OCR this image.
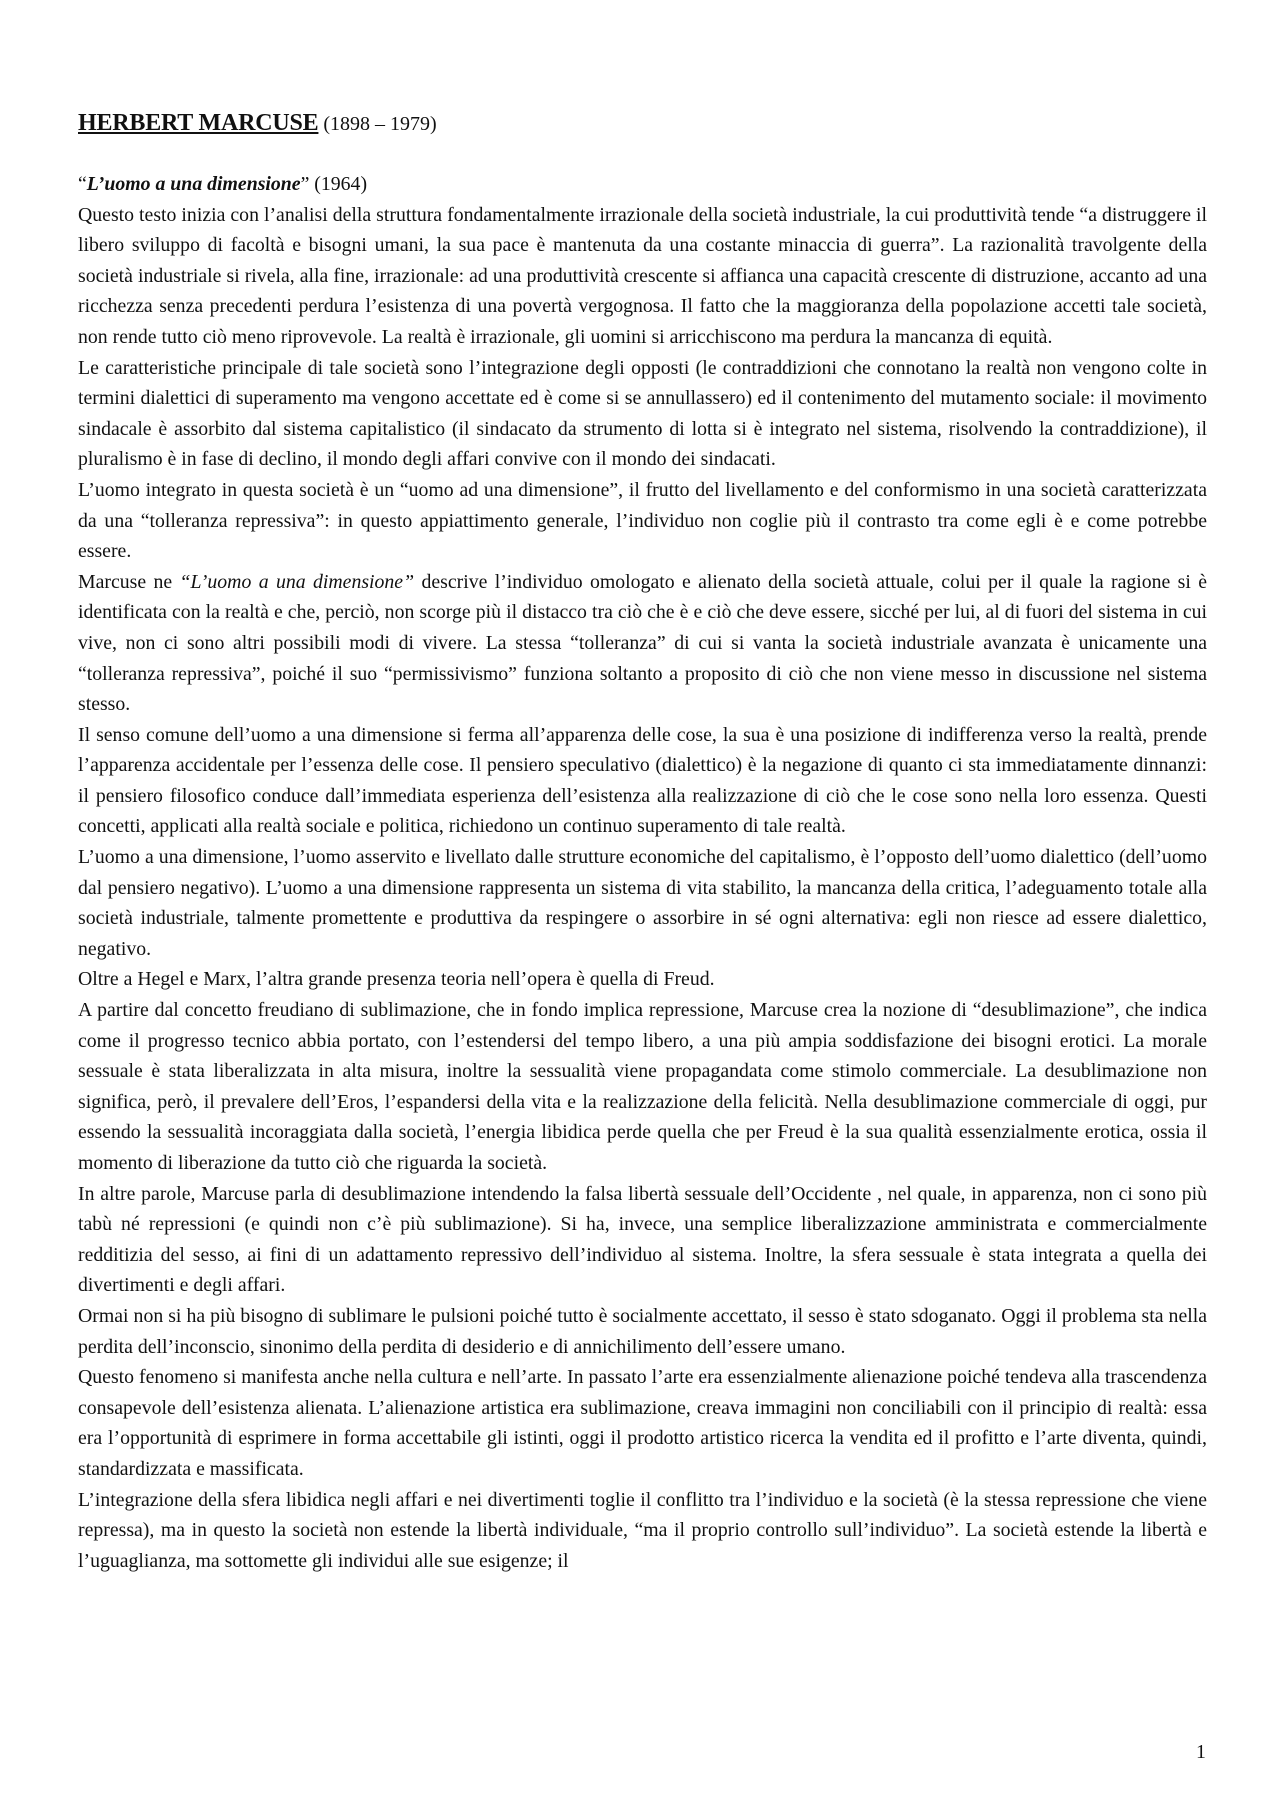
HERBERT MARCUSE (1898 – 1979)
“L’uomo a una dimensione” (1964)

Questo testo inizia con l’analisi della struttura fondamentalmente irrazionale della società industriale, la cui produttività tende “a distruggere il libero sviluppo di facoltà e bisogni umani, la sua pace è mantenuta da una costante minaccia di guerra”. La razionalità travolgente della società industriale si rivela, alla fine, irrazionale: ad una produttività crescente si affianca una capacità crescente di distruzione, accanto ad una ricchezza senza precedenti perdura l’esistenza di una povertà vergognosa. Il fatto che la maggioranza della popolazione accetti tale società, non rende tutto ciò meno riprovevole. La realtà è irrazionale, gli uomini si arricchiscono ma perdura la mancanza di equità.

Le caratteristiche principale di tale società sono l’integrazione degli opposti (le contraddizioni che connotano la realtà non vengono colte in termini dialettici di superamento ma vengono accettate ed è come si se annullassero) ed il contenimento del mutamento sociale: il movimento sindacale è assorbito dal sistema capitalistico (il sindacato da strumento di lotta si è integrato nel sistema, risolvendo la contraddizione), il pluralismo è in fase di declino, il mondo degli affari convive con il mondo dei sindacati.

L’uomo integrato in questa società è un “uomo ad una dimensione”, il frutto del livellamento e del conformismo in una società caratterizzata da una “tolleranza repressiva”: in questo appiattimento generale, l’individuo non coglie più il contrasto tra come egli è e come potrebbe essere.

Marcuse ne “L’uomo a una dimensione” descrive l’individuo omologato e alienato della società attuale, colui per il quale la ragione si è identificata con la realtà e che, perciò, non scorge più il distacco tra ciò che è e ciò che deve essere, sicché per lui, al di fuori del sistema in cui vive, non ci sono altri possibili modi di vivere. La stessa “tolleranza” di cui si vanta la società industriale avanzata è unicamente una “tolleranza repressiva”, poiché il suo “permissivismo” funziona soltanto a proposito di ciò che non viene messo in discussione nel sistema stesso.

Il senso comune dell’uomo a una dimensione si ferma all’apparenza delle cose, la sua è una posizione di indifferenza verso la realtà, prende l’apparenza accidentale per l’essenza delle cose. Il pensiero speculativo (dialettico) è la negazione di quanto ci sta immediatamente dinnanzi: il pensiero filosofico conduce dall’immediata esperienza dell’esistenza alla realizzazione di ciò che le cose sono nella loro essenza. Questi concetti, applicati alla realtà sociale e politica, richiedono un continuo superamento di tale realtà.

L’uomo a una dimensione, l’uomo asservito e livellato dalle strutture economiche del capitalismo, è l’opposto dell’uomo dialettico (dell’uomo dal pensiero negativo). L’uomo a una dimensione rappresenta un sistema di vita stabilito, la mancanza della critica, l’adeguamento totale alla società industriale, talmente promettente e produttiva da respingere o assorbire in sé ogni alternativa: egli non riesce ad essere dialettico, negativo.

Oltre a Hegel e Marx, l’altra grande presenza teoria nell’opera è quella di Freud.

A partire dal concetto freudiano di sublimazione, che in fondo implica repressione, Marcuse crea la nozione di “desublimazione”, che indica come il progresso tecnico abbia portato, con l’estendersi del tempo libero, a una più ampia soddisfazione dei bisogni erotici. La morale sessuale è stata liberalizzata in alta misura, inoltre la sessualità viene propagandata come stimolo commerciale. La desublimazione non significa, però, il prevalere dell’Eros, l’espandersi della vita e la realizzazione della felicità. Nella desublimazione commerciale di oggi, pur essendo la sessualità incoraggiata dalla società, l’energia libidica perde quella che per Freud è la sua qualità essenzialmente erotica, ossia il momento di liberazione da tutto ciò che riguarda la società.

In altre parole, Marcuse parla di desublimazione intendendo la falsa libertà sessuale dell’Occidente , nel quale, in apparenza, non ci sono più tabù né repressioni (e quindi non c’è più sublimazione). Si ha, invece, una semplice liberalizzazione amministrata e commercialmente redditizia del sesso, ai fini di un adattamento repressivo dell’individuo al sistema. Inoltre, la sfera sessuale è stata integrata a quella dei divertimenti e degli affari.

Ormai non si ha più bisogno di sublimare le pulsioni poiché tutto è socialmente accettato, il sesso è stato sdoganato. Oggi il problema sta nella perdita dell’inconscio, sinonimo della perdita di desiderio e di annichilimento dell’essere umano.

Questo fenomeno si manifesta anche nella cultura e nell’arte. In passato l’arte era essenzialmente alienazione poiché tendeva alla trascendenza consapevole dell’esistenza alienata. L’alienazione artistica era sublimazione, creava immagini non conciliabili con il principio di realtà: essa era l’opportunità di esprimere in forma accettabile gli istinti, oggi il prodotto artistico ricerca la vendita ed il profitto e l’arte diventa, quindi, standardizzata e massificata.

L’integrazione della sfera libidica negli affari e nei divertimenti toglie il conflitto tra l’individuo e la società (è la stessa repressione che viene repressa), ma in questo la società non estende la libertà individuale, “ma il proprio controllo sull’individuo”. La società estende la libertà e l’uguaglianza, ma sottomette gli individui alle sue esigenze; il

1
